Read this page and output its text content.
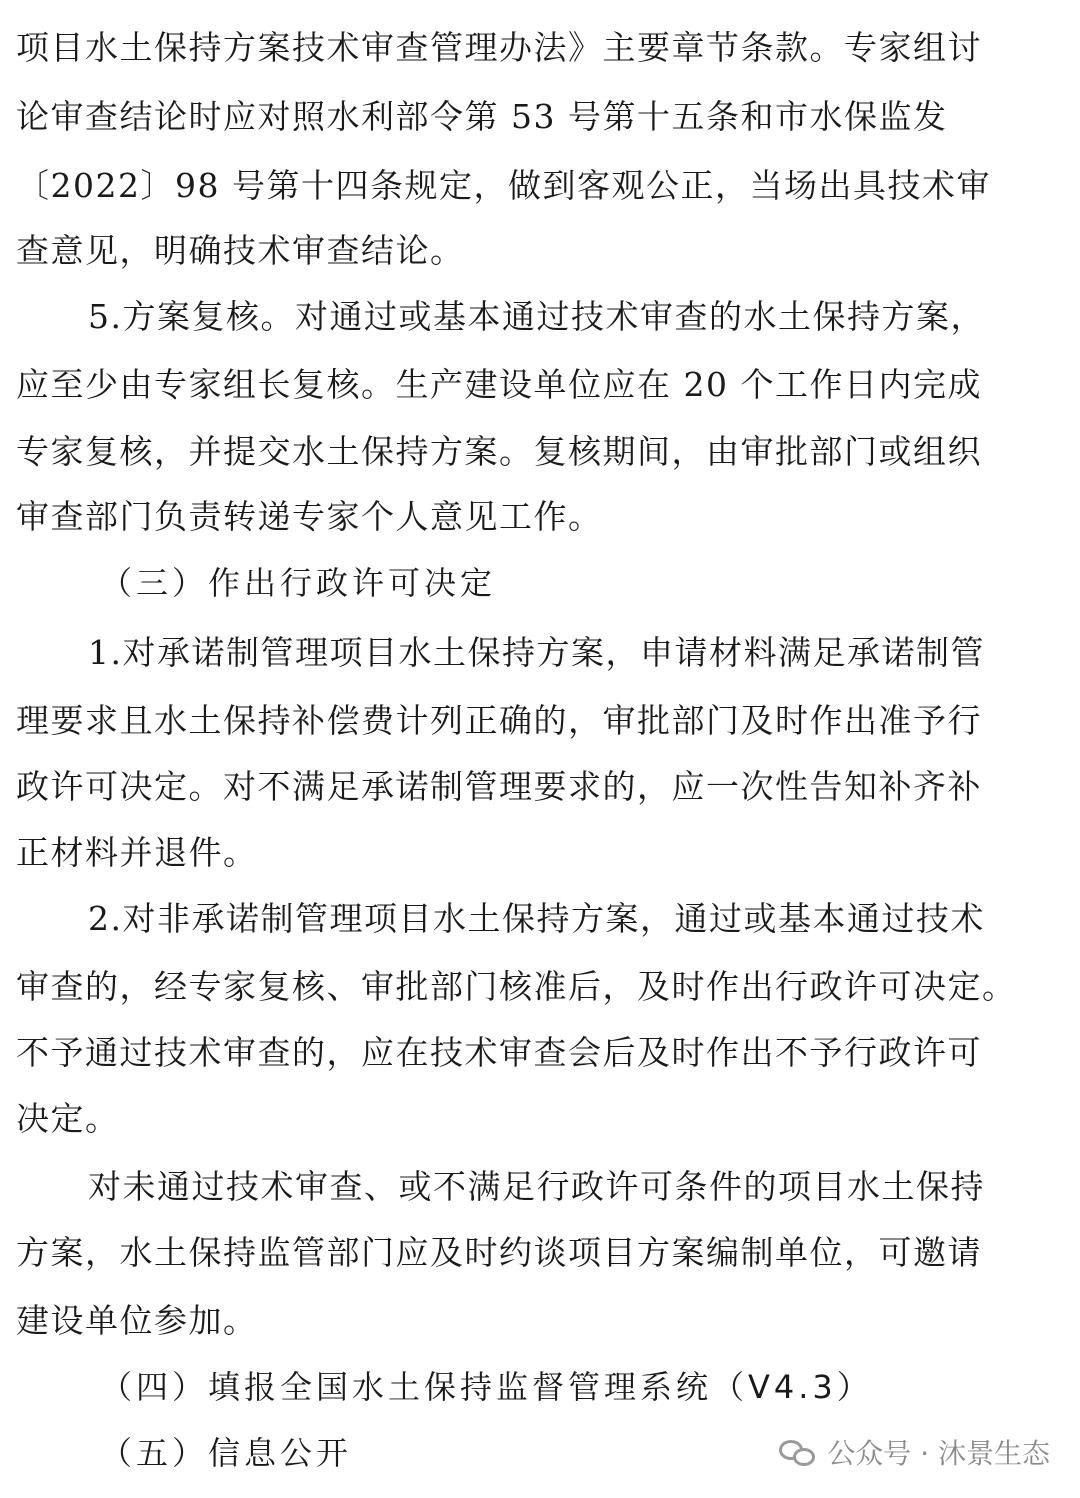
项目水土保持方案技术审查管理办法》主要章节条款。专家组讨
论审查结论时应对照水利部令第 53 号第十五条和市水保监发
〔2022〕98 号第十四条规定，做到客观公正，当场出具技术审
查意见，明确技术审查结论。
5.方案复核。对通过或基本通过技术审查的水土保持方案，
应至少由专家组长复核。生产建设单位应在 20 个工作日内完成
专家复核，并提交水土保持方案。复核期间，由审批部门或组织
审查部门负责转递专家个人意见工作。
（三）作出行政许可决定
1.对承诺制管理项目水土保持方案，申请材料满足承诺制管
理要求且水土保持补偿费计列正确的，审批部门及时作出准予行
政许可决定。对不满足承诺制管理要求的，应一次性告知补齐补
正材料并退件。
2.对非承诺制管理项目水土保持方案，通过或基本通过技术
审查的，经专家复核、审批部门核准后，及时作出行政许可决定。
不予通过技术审查的，应在技术审查会后及时作出不予行政许可
决定。
对未通过技术审查、或不满足行政许可条件的项目水土保持
方案，水土保持监管部门应及时约谈项目方案编制单位，可邀请
建设单位参加。
（四）填报全国水土保持监督管理系统（V4.3）
（五）信息公开	公众号 · 沐景生态
